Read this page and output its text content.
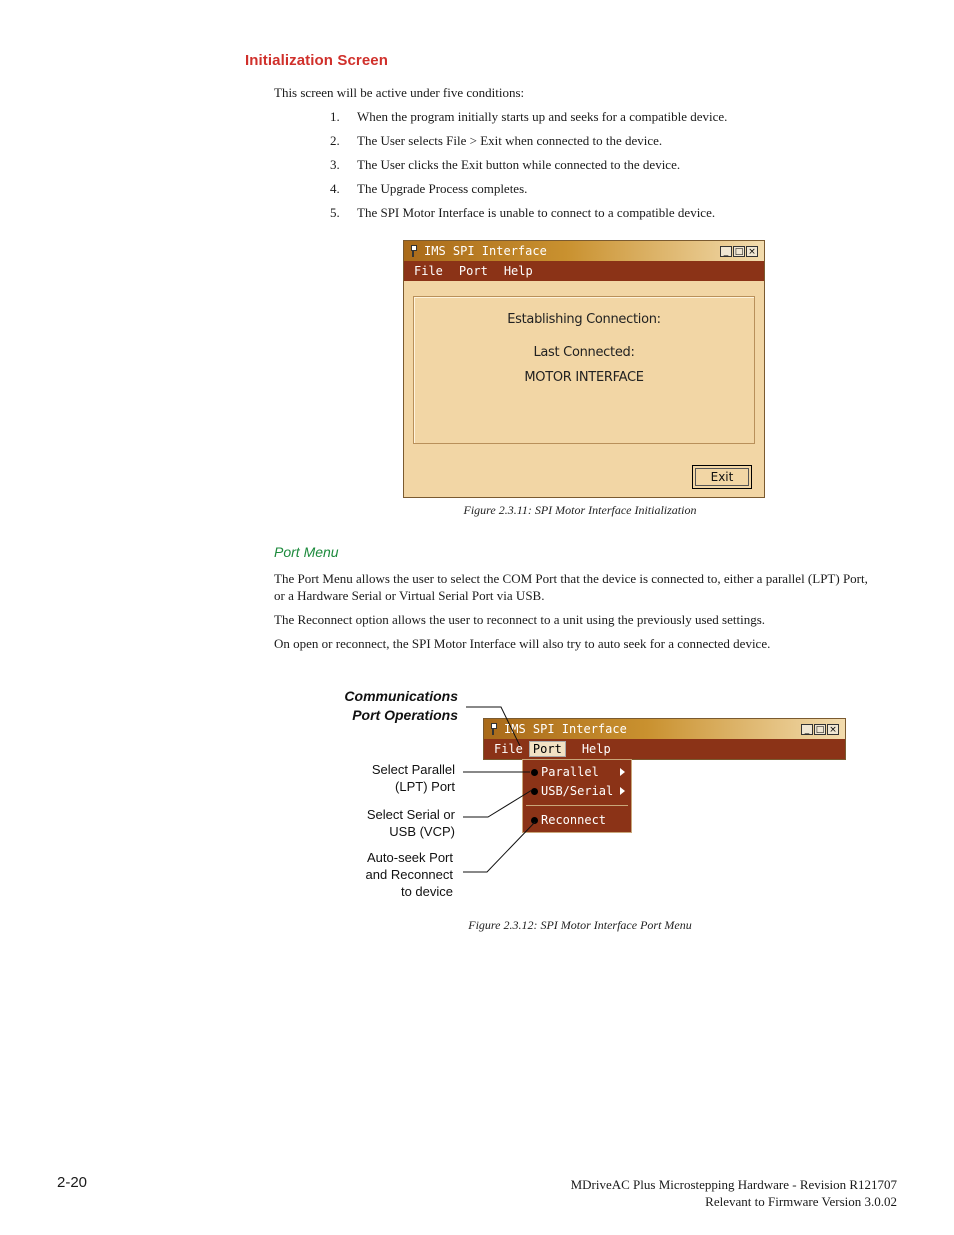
Initialization Screen
This screen will be active under five conditions:
1.	When the program initially starts up and seeks for a compatible device.
2.	The User selects File > Exit when connected to the device.
3.	The User clicks the Exit button while connected to the device.
4.	The Upgrade Process completes.
5.	The SPI Motor Interface is unable to connect to a compatible device.
IMS SPI Interface	_ □ ×
File Port Help
Establishing Connection:
Last Connected:
MOTOR INTERFACE
Exit
Figure 2.3.11: SPI Motor Interface Initialization
Port Menu
The Port Menu allows the user to select the COM Port that the device is connected to, either a parallel (LPT) Port,
or a Hardware Serial or Virtual Serial Port via USB.
The Reconnect option allows the user to reconnect to a unit using the previously used settings.
On open or reconnect, the SPI Motor Interface will also try to auto seek for a connected device.
IMS SPI Interface	_ □ ×
File Port	Help
Parallel
USB/Serial
Reconnect
Communications
Port Operations
Select Parallel
(LPT) Port
Select Serial or
USB (VCP)
Auto-seek Port
and Reconnect
to device
Figure 2.3.12: SPI Motor Interface Port Menu
2-20	MDriveAC Plus Microstepping Hardware - Revision R121707
Relevant to Firmware Version 3.0.02
